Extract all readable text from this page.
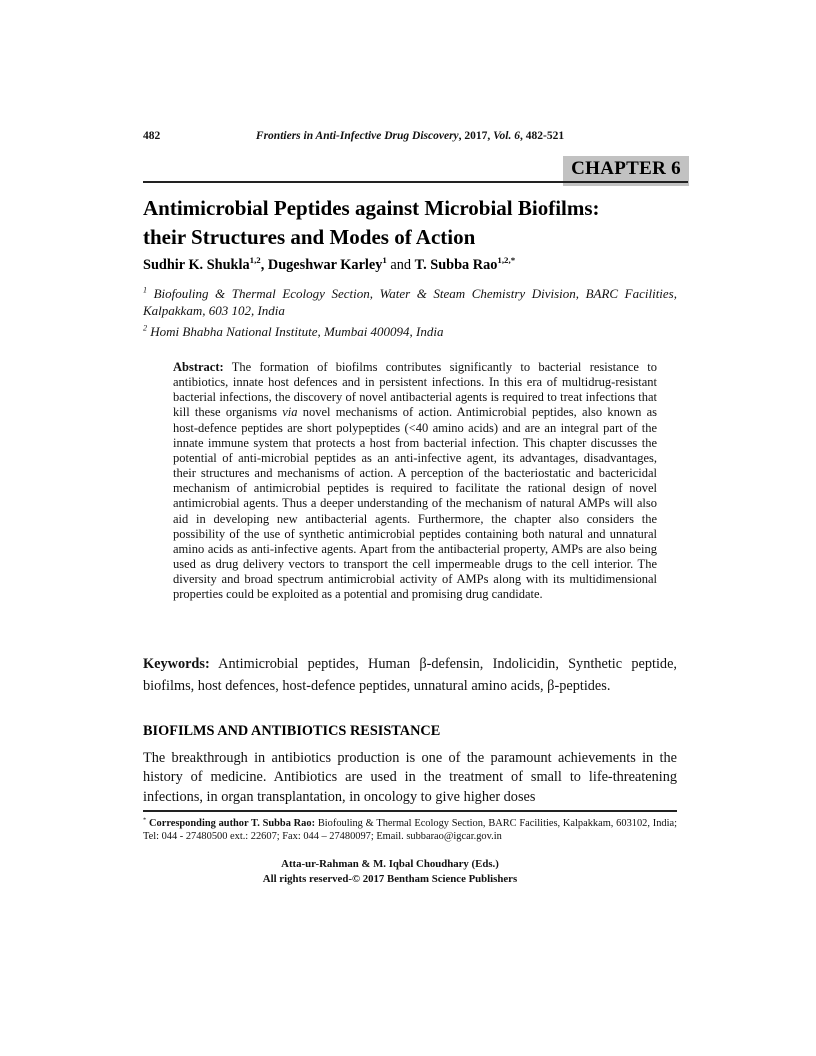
482	Frontiers in Anti-Infective Drug Discovery, 2017, Vol. 6, 482-521
CHAPTER 6
Antimicrobial Peptides against Microbial Biofilms:
their Structures and Modes of Action
Sudhir K. Shukla$^{1,2}$, Dugeshwar Karley$^1$ and T. Subba Rao$^{1,2,*}$

$^1$ Biofouling & Thermal Ecology Section, Water & Steam Chemistry Division, BARC Facilities, Kalpakkam, 603 102, India

$^2$ Homi Bhabha National Institute, Mumbai 400094, India

Abstract: The formation of biofilms contributes significantly to bacterial resistance to antibiotics, innate host defences and in persistent infections. In this era of multidrug-resistant bacterial infections, the discovery of novel antibacterial agents is required to treat infections that kill these organisms via novel mechanisms of action. Antimicrobial peptides, also known as host-defence peptides are short polypeptides (<40 amino acids) and are an integral part of the innate immune system that protects a host from bacterial infection. This chapter discusses the potential of anti-microbial peptides as an anti-infective agent, its advantages, disadvantages, their structures and mechanisms of action. A perception of the bacteriostatic and bactericidal mechanism of antimicrobial peptides is required to facilitate the rational design of novel antimicrobial agents. Thus a deeper understanding of the mechanism of natural AMPs will also aid in developing new antibacterial agents. Furthermore, the chapter also considers the possibility of the use of synthetic antimicrobial peptides containing both natural and unnatural amino acids as anti-infective agents. Apart from the antibacterial property, AMPs are also being used as drug delivery vectors to transport the cell impermeable drugs to the cell interior. The diversity and broad spectrum antimicrobial activity of AMPs along with its multidimensional properties could be exploited as a potential and promising drug candidate.

Keywords: Antimicrobial peptides, Human β-defensin, Indolicidin, Synthetic peptide, biofilms, host defences, host-defence peptides, unnatural amino acids, β-peptides.

BIOFILMS AND ANTIBIOTICS RESISTANCE

The breakthrough in antibiotics production is one of the paramount achievements in the history of medicine. Antibiotics are used in the treatment of small to life-threatening infections, in organ transplantation, in oncology to give higher doses

* Corresponding author T. Subba Rao: Biofouling & Thermal Ecology Section, BARC Facilities, Kalpakkam, 603102, India; Tel: 044 - 27480500 ext.: 22607; Fax: 044 – 27480097; Email. subbarao@igcar.gov.in

Atta-ur-Rahman & M. Iqbal Choudhary (Eds.)
All rights reserved-© 2017 Bentham Science Publishers
